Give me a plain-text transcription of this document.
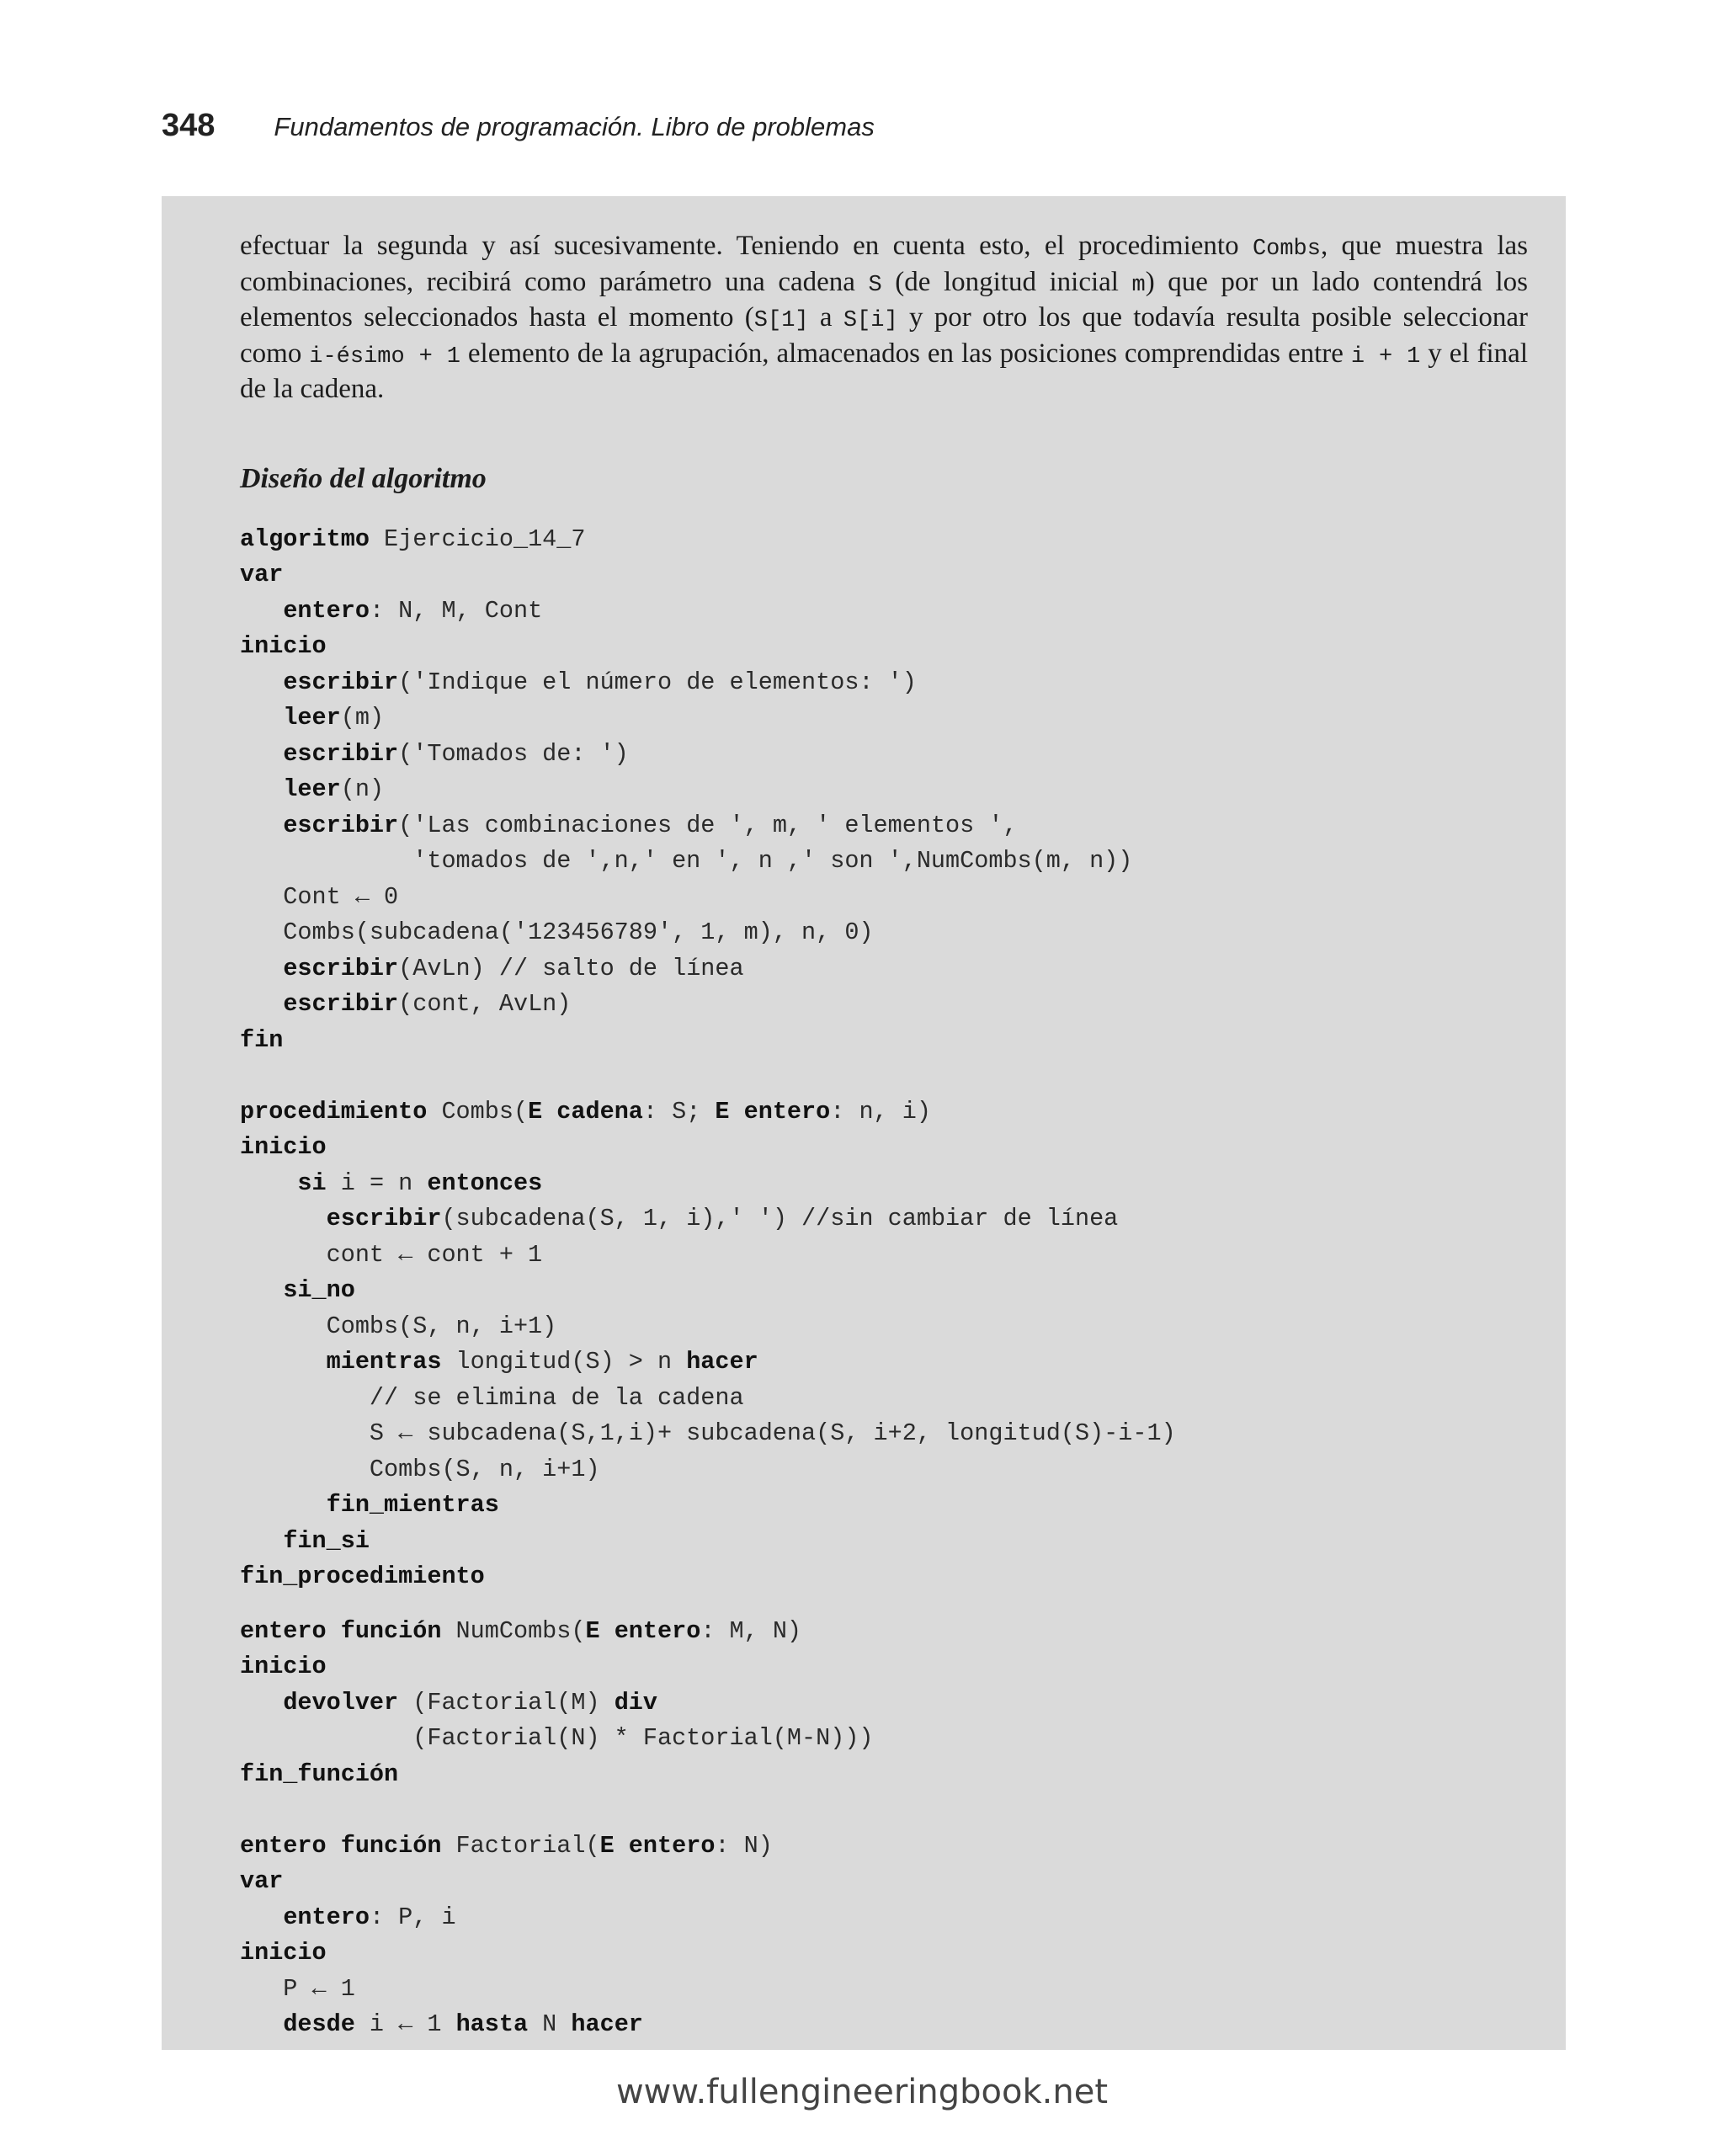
348 Fundamentos de programación. Libro de problemas

efectuar la segunda y así sucesivamente. Teniendo en cuenta esto, el procedimiento Combs, que muestra las combinaciones, recibirá como parámetro una cadena S (de longitud inicial m) que por un lado contendrá los elementos seleccionados hasta el momento (S[1] a S[i] y por otro los que todavía resulta posible seleccionar como i-ésimo + 1 elemento de la agrupación, almacenados en las posiciones comprendidas entre i + 1 y el final de la cadena.

Diseño del algoritmo
algoritmo Ejercicio_14_7
var
entero: N, M, Cont
inicio
escribir('Indique el número de elementos: ')
leer(m)
escribir('Tomados de: ')
leer(n)
escribir('Las combinaciones de ', m, ' elementos ',
'tomados de ',n,' en ', n ,' son ',NumCombs(m, n))
Cont ← 0
Combs(subcadena('123456789', 1, m), n, 0)
escribir(AvLn) // salto de línea
escribir(cont, AvLn)
fin
procedimiento Combs(E cadena: S; E entero: n, i)
inicio
si i = n entonces
escribir(subcadena(S, 1, i),' ') //sin cambiar de línea
cont ← cont + 1
si_no
Combs(S, n, i+1)
mientras longitud(S) > n hacer
// se elimina de la cadena
S ← subcadena(S,1,i)+ subcadena(S, i+2, longitud(S)-i-1)
Combs(S, n, i+1)
fin_mientras
fin_si
fin_procedimiento
entero función NumCombs(E entero: M, N)
inicio
devolver (Factorial(M) div
(Factorial(N) * Factorial(M-N)))
fin_función
entero función Factorial(E entero: N)
var
entero: P, i
inicio
P ← 1
desde i ← 1 hasta N hacer
www.fullengineeringbook.net
